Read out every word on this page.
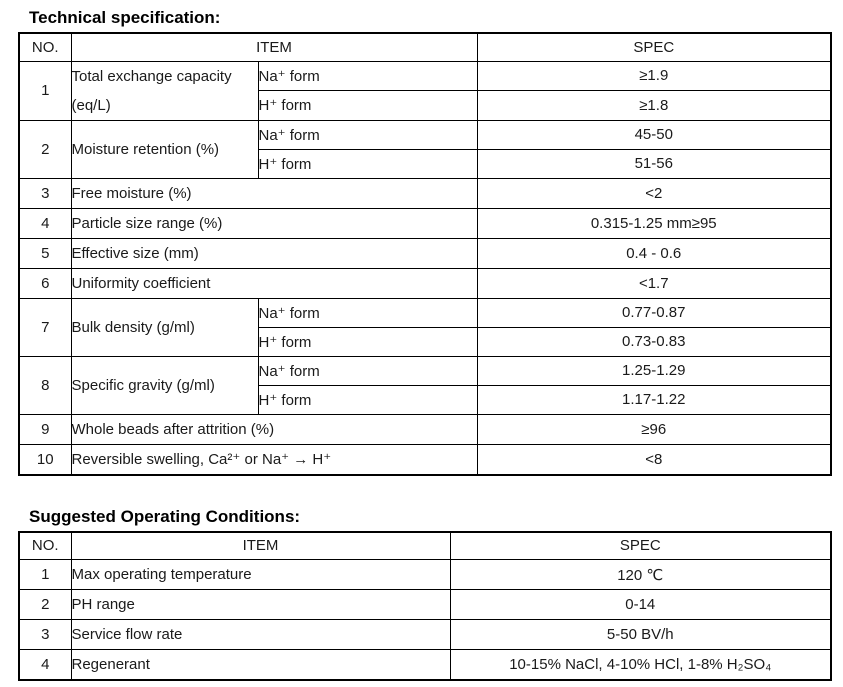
Technical specification:
NO.	ITEM		SPEC
1	Total exchange capacity (eq/L)	Na⁺ form	≥1.9
		H⁺ form	≥1.8
2	Moisture retention (%)	Na⁺ form	45-50
		H⁺ form	51-56
3	Free moisture (%)		<2
4	Particle size range (%)		0.315-1.25 mm≥95
5	Effective size (mm)		0.4 - 0.6
6	Uniformity coefficient		<1.7
7	Bulk density (g/ml)	Na⁺ form	0.77-0.87
		H⁺ form	0.73-0.83
8	Specific gravity (g/ml)	Na⁺ form	1.25-1.29
		H⁺ form	1.17-1.22
9	Whole beads after attrition (%)		≥96
10	Reversible swelling, Ca²⁺ or Na⁺ → H⁺		<8
Suggested Operating Conditions:
NO.	ITEM	SPEC
1	Max operating temperature	120 ℃
2	PH range	0-14
3	Service flow rate	5-50 BV/h
4	Regenerant	10-15% NaCl, 4-10% HCl, 1-8% H₂SO₄
